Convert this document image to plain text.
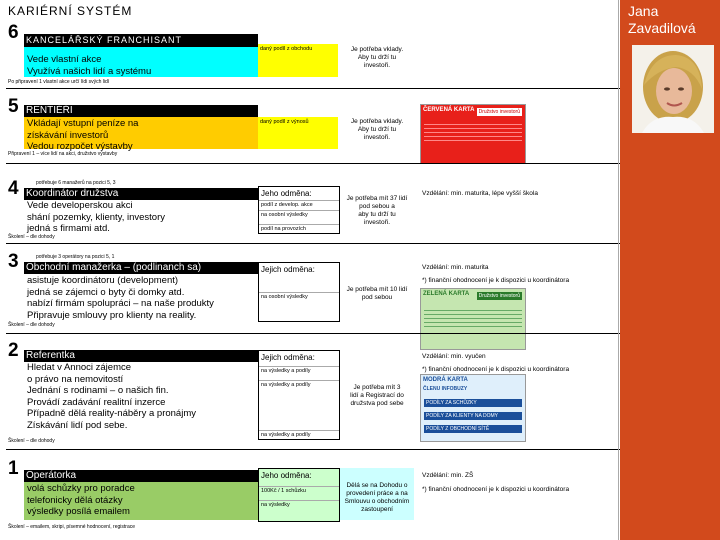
Jana
Zavadilová
KARIÉRNÍ SYSTÉM
6 KANCELÁŘSKÝ FRANCHISANT
Vede vlastní akce
Využívá našich lidí a systému
daný podíl z obchodu	Je potřeba vklady.
Aby tu drží tu
investoři.
Po připravení 1 vlastní akce určí lídi svých lidí
5 RENTIÉŘI
Vkládají vstupní peníze na
získávání investorů
Vedou rozpočet výstavby
daný podíl z výnosů	Je potřeba vklady.
Aby tu drží tu
investoři.
ČERVENÁ KARTA Družstvo investorů
Připravení 1 – více lidí na akci, družstvo výstavby
potřebuje 6 manažerů na pozici 5, 3
4 Koordinátor družstva
Vede developerskou akci
shání pozemky, klienty, investory
jedná s firmami atd.
Jeho odměna:
podíl z develop. akce
na osobní výsledky
podíl na provozích
Je potřeba mít 37 lidí
pod sebou a
aby tu drží tu
investoři.
Vzdělání: min. maturita, lépe vyšší škola
Školení – dle dohody
potřebuje 3 operátory na pozici 5, 1
3 Obchodní manažerka – (podlinanch sa)
asistuje koordinátoru (development)
jedná se zájemci o byty či domky atd.
nabízí firmám spolupráci – na naše produkty
Připravuje smlouvy pro klienty na reality.
Jejich odměna:
na osobní výsledky
Je potřeba mít 10 lidí
pod sebou
Vzdělání: min. maturita
*) finanční ohodnocení je k dispozici u koordinátora
ZELENÁ KARTA	Družstvo investorů
Školení – dle dohody
2 Referentka
Hledat v Annoci zájemce
o právo na nemovitostí
Jednání s rodinami – o našich fin.
Provádí zadávání realitní inzerce
Případně dělá reality-náběry a pronájmy
Získávání lidí pod sebe.
Jejich odměna:
na výsledky a podíly
na výsledky a podíly
na výsledky a podíly
Je potřeba mít 3
lidí a Registrací do
družstva pod sebe
Vzdělání: min. vyučen
*) finanční ohodnocení je k dispozici u koordinátora
MODRÁ KARTA
ČLENU INFOBUZY
PODÍLY ZA SCHŮZKY
PODÍLY ZA KLIENTY NA DOMY
PODÍLY Z OBCHODNÍ SÍTĚ
Školení – dle dohody
1 Operátorka
volá schůzky pro poradce
telefonicky dělá otázky
výsledky posílá emailem
Jeho odměna:
100Kč / 1 schůzku
na výsledky
Dělá se na Dohodu o
provedení práce a na
Smlouvu o obchodním
zastoupení
Vzdělání: min. ZŠ
*) finanční ohodnocení je k dispozici u koordinátora
Školení – emailem, skripi, písemné hodnocení, registrace
